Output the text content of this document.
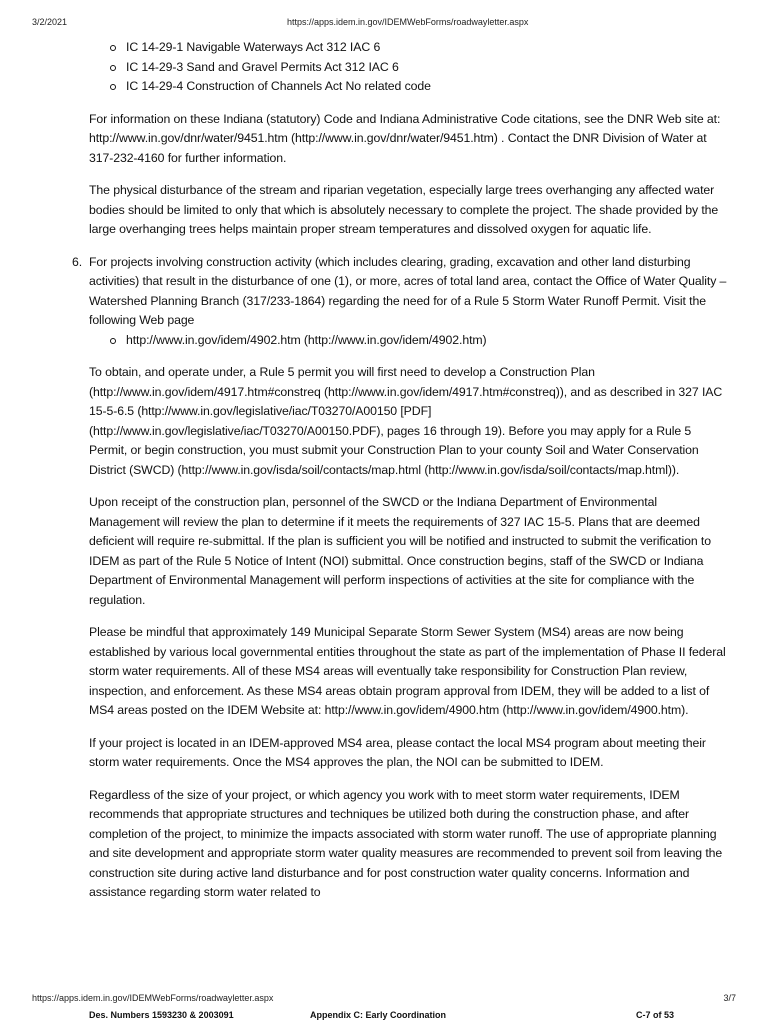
3/2/2021	https://apps.idem.in.gov/IDEMWebForms/roadwayletter.aspx
IC 14-29-1 Navigable Waterways Act 312 IAC 6
IC 14-29-3 Sand and Gravel Permits Act 312 IAC 6
IC 14-29-4 Construction of Channels Act No related code

For information on these Indiana (statutory) Code and Indiana Administrative Code citations, see the DNR Web site at: http://www.in.gov/dnr/water/9451.htm (http://www.in.gov/dnr/water/9451.htm) . Contact the DNR Division of Water at 317-232-4160 for further information.

The physical disturbance of the stream and riparian vegetation, especially large trees overhanging any affected water bodies should be limited to only that which is absolutely necessary to complete the project. The shade provided by the large overhanging trees helps maintain proper stream temperatures and dissolved oxygen for aquatic life.

6. For projects involving construction activity (which includes clearing, grading, excavation and other land disturbing activities) that result in the disturbance of one (1), or more, acres of total land area, contact the Office of Water Quality – Watershed Planning Branch (317/233-1864) regarding the need for of a Rule 5 Storm Water Runoff Permit. Visit the following Web page

http://www.in.gov/idem/4902.htm (http://www.in.gov/idem/4902.htm)

To obtain, and operate under, a Rule 5 permit you will first need to develop a Construction Plan (http://www.in.gov/idem/4917.htm#constreq (http://www.in.gov/idem/4917.htm#constreq)), and as described in 327 IAC 15-5-6.5 (http://www.in.gov/legislative/iac/T03270/A00150 [PDF] (http://www.in.gov/legislative/iac/T03270/A00150.PDF), pages 16 through 19). Before you may apply for a Rule 5 Permit, or begin construction, you must submit your Construction Plan to your county Soil and Water Conservation District (SWCD) (http://www.in.gov/isda/soil/contacts/map.html (http://www.in.gov/isda/soil/contacts/map.html)).

Upon receipt of the construction plan, personnel of the SWCD or the Indiana Department of Environmental Management will review the plan to determine if it meets the requirements of 327 IAC 15-5. Plans that are deemed deficient will require re-submittal. If the plan is sufficient you will be notified and instructed to submit the verification to IDEM as part of the Rule 5 Notice of Intent (NOI) submittal. Once construction begins, staff of the SWCD or Indiana Department of Environmental Management will perform inspections of activities at the site for compliance with the regulation.

Please be mindful that approximately 149 Municipal Separate Storm Sewer System (MS4) areas are now being established by various local governmental entities throughout the state as part of the implementation of Phase II federal storm water requirements. All of these MS4 areas will eventually take responsibility for Construction Plan review, inspection, and enforcement. As these MS4 areas obtain program approval from IDEM, they will be added to a list of MS4 areas posted on the IDEM Website at: http://www.in.gov/idem/4900.htm (http://www.in.gov/idem/4900.htm).

If your project is located in an IDEM-approved MS4 area, please contact the local MS4 program about meeting their storm water requirements. Once the MS4 approves the plan, the NOI can be submitted to IDEM.

Regardless of the size of your project, or which agency you work with to meet storm water requirements, IDEM recommends that appropriate structures and techniques be utilized both during the construction phase, and after completion of the project, to minimize the impacts associated with storm water runoff. The use of appropriate planning and site development and appropriate storm water quality measures are recommended to prevent soil from leaving the construction site during active land disturbance and for post construction water quality concerns. Information and assistance regarding storm water related to

https://apps.idem.in.gov/IDEMWebForms/roadwayletter.aspx	3/7
Des. Numbers 1593230 & 2003091	Appendix C: Early Coordination	C-7 of 53
